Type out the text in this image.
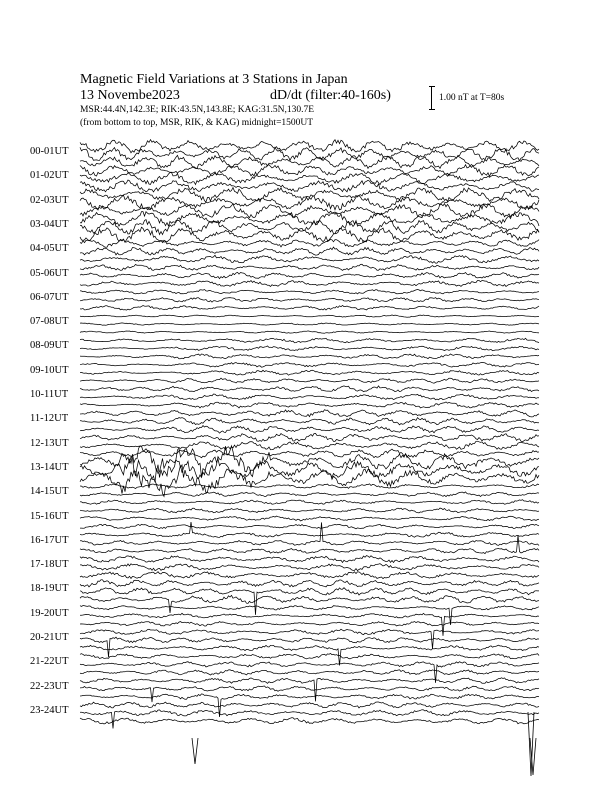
Magnetic Field Variations at 3 Stations in Japan
13 Novembe2023	dD/dt (filter:40-160s)
MSR:44.4N,142.3E; RIK:43.5N,143.8E; KAG:31.5N,130.7E
(from bottom to top, MSR, RIK, & KAG) midnight=1500UT
1.00 nT at T=80s
00-01UT
01-02UT
02-03UT
03-04UT
04-05UT
05-06UT
06-07UT
07-08UT
08-09UT
09-10UT
10-11UT
11-12UT
12-13UT
13-14UT
14-15UT
15-16UT
16-17UT
17-18UT
18-19UT
19-20UT
20-21UT
21-22UT
22-23UT
23-24UT
